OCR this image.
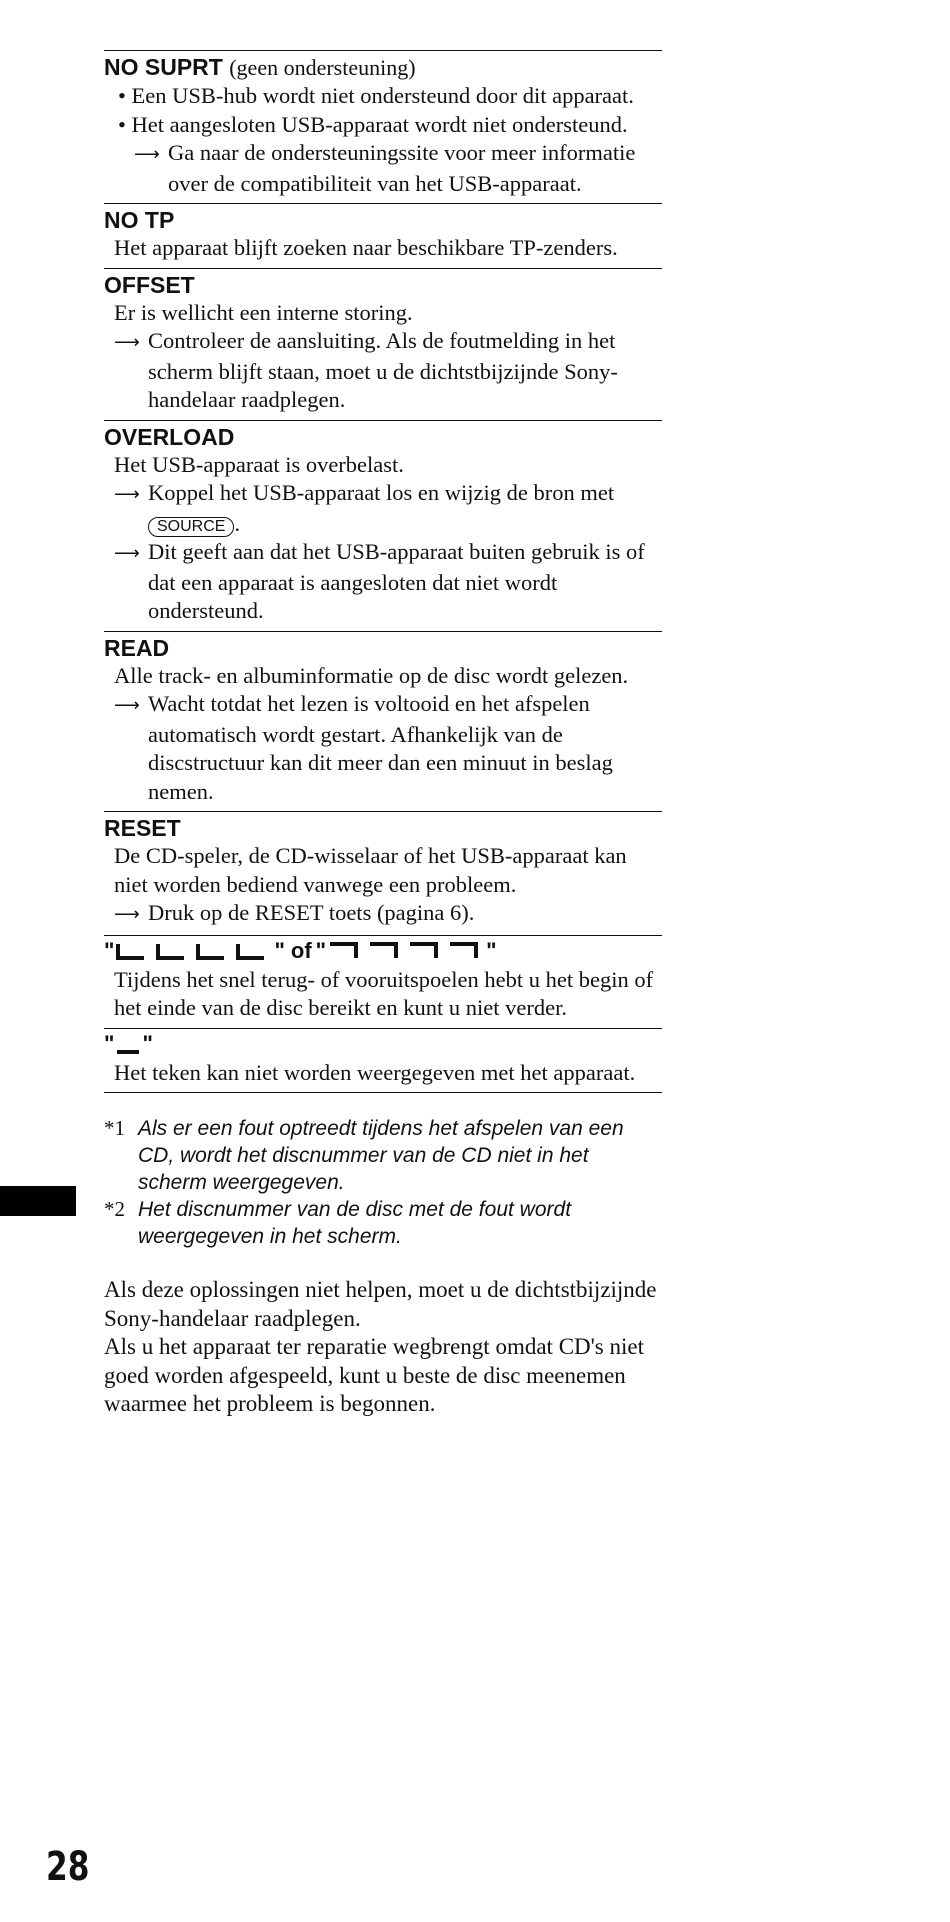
NO SUPRT (geen ondersteuning)
• Een USB-hub wordt niet ondersteund door dit apparaat.
• Het aangesloten USB-apparaat wordt niet ondersteund.
⟶ Ga naar de ondersteuningssite voor meer informatie over de compatibiliteit van het USB-apparaat.
NO TP
Het apparaat blijft zoeken naar beschikbare TP-zenders.
OFFSET
Er is wellicht een interne storing.
⟶ Controleer de aansluiting. Als de foutmelding in het scherm blijft staan, moet u de dichtstbijzijnde Sony-handelaar raadplegen.
OVERLOAD
Het USB-apparaat is overbelast.
⟶ Koppel het USB-apparaat los en wijzig de bron met SOURCE .
⟶ Dit geeft aan dat het USB-apparaat buiten gebruik is of dat een apparaat is aangesloten dat niet wordt ondersteund.
READ
Alle track- en albuminformatie op de disc wordt gelezen.
⟶ Wacht totdat het lezen is voltooid en het afspelen automatisch wordt gestart. Afhankelijk van de discstructuur kan dit meer dan een minuut in beslag nemen.
RESET
De CD-speler, de CD-wisselaar of het USB-apparaat kan niet worden bediend vanwege een probleem.
⟶ Druk op de RESET toets (pagina 6).
"	" of "	"
Tijdens het snel terug- of vooruitspoelen hebt u het begin of het einde van de disc bereikt en kunt u niet verder.
" "
Het teken kan niet worden weergegeven met het apparaat.
*1 Als er een fout optreedt tijdens het afspelen van een CD, wordt het discnummer van de CD niet in het scherm weergegeven.
*2 Het discnummer van de disc met de fout wordt weergegeven in het scherm.
Als deze oplossingen niet helpen, moet u de dichtstbijzijnde Sony-handelaar raadplegen.
Als u het apparaat ter reparatie wegbrengt omdat CD's niet goed worden afgespeeld, kunt u beste de disc meenemen waarmee het probleem is begonnen.
28
